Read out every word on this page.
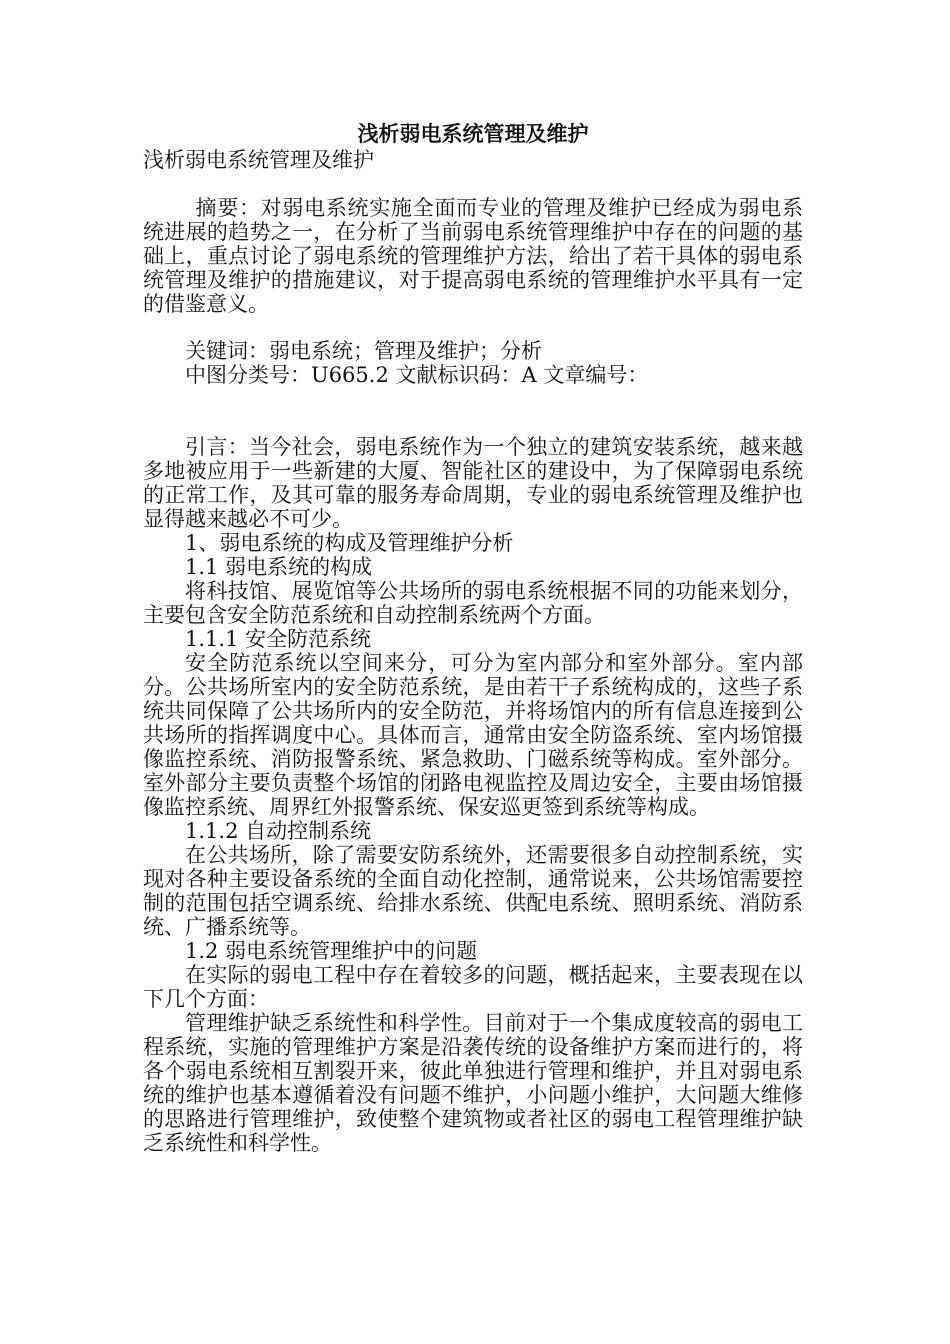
浅析弱电系统管理及维护

浅析弱电系统管理及维护

摘要：对弱电系统实施全面而专业的管理及维护已经成为弱电系统进展的趋势之一，在分析了当前弱电系统管理维护中存在的问题的基础上，重点讨论了弱电系统的管理维护方法，给出了若干具体的弱电系统管理及维护的措施建议，对于提高弱电系统的管理维护水平具有一定的借鉴意义。

关键词：弱电系统；管理及维护；分析

中图分类号：U665.2 文献标识码：A 文章编号：

引言：当今社会，弱电系统作为一个独立的建筑安装系统，越来越多地被应用于一些新建的大厦、智能社区的建设中，为了保障弱电系统的正常工作，及其可靠的服务寿命周期，专业的弱电系统管理及维护也显得越来越必不可少。

1、弱电系统的构成及管理维护分析

1.1 弱电系统的构成

将科技馆、展览馆等公共场所的弱电系统根据不同的功能来划分，主要包含安全防范系统和自动控制系统两个方面。

1.1.1 安全防范系统

安全防范系统以空间来分，可分为室内部分和室外部分。室内部分。公共场所室内的安全防范系统，是由若干子系统构成的，这些子系统共同保障了公共场所内的安全防范，并将场馆内的所有信息连接到公共场所的指挥调度中心。具体而言，通常由安全防盗系统、室内场馆摄像监控系统、消防报警系统、紧急救助、门磁系统等构成。室外部分。室外部分主要负责整个场馆的闭路电视监控及周边安全，主要由场馆摄像监控系统、周界红外报警系统、保安巡更签到系统等构成。

1.1.2 自动控制系统

在公共场所，除了需要安防系统外，还需要很多自动控制系统，实现对各种主要设备系统的全面自动化控制，通常说来，公共场馆需要控制的范围包括空调系统、给排水系统、供配电系统、照明系统、消防系统、广播系统等。

1.2 弱电系统管理维护中的问题

在实际的弱电工程中存在着较多的问题，概括起来，主要表现在以下几个方面：

管理维护缺乏系统性和科学性。目前对于一个集成度较高的弱电工程系统，实施的管理维护方案是沿袭传统的设备维护方案而进行的，将各个弱电系统相互割裂开来，彼此单独进行管理和维护，并且对弱电系统的维护也基本遵循着没有问题不维护，小问题小维护，大问题大维修的思路进行管理维护，致使整个建筑物或者社区的弱电工程管理维护缺乏系统性和科学性。
